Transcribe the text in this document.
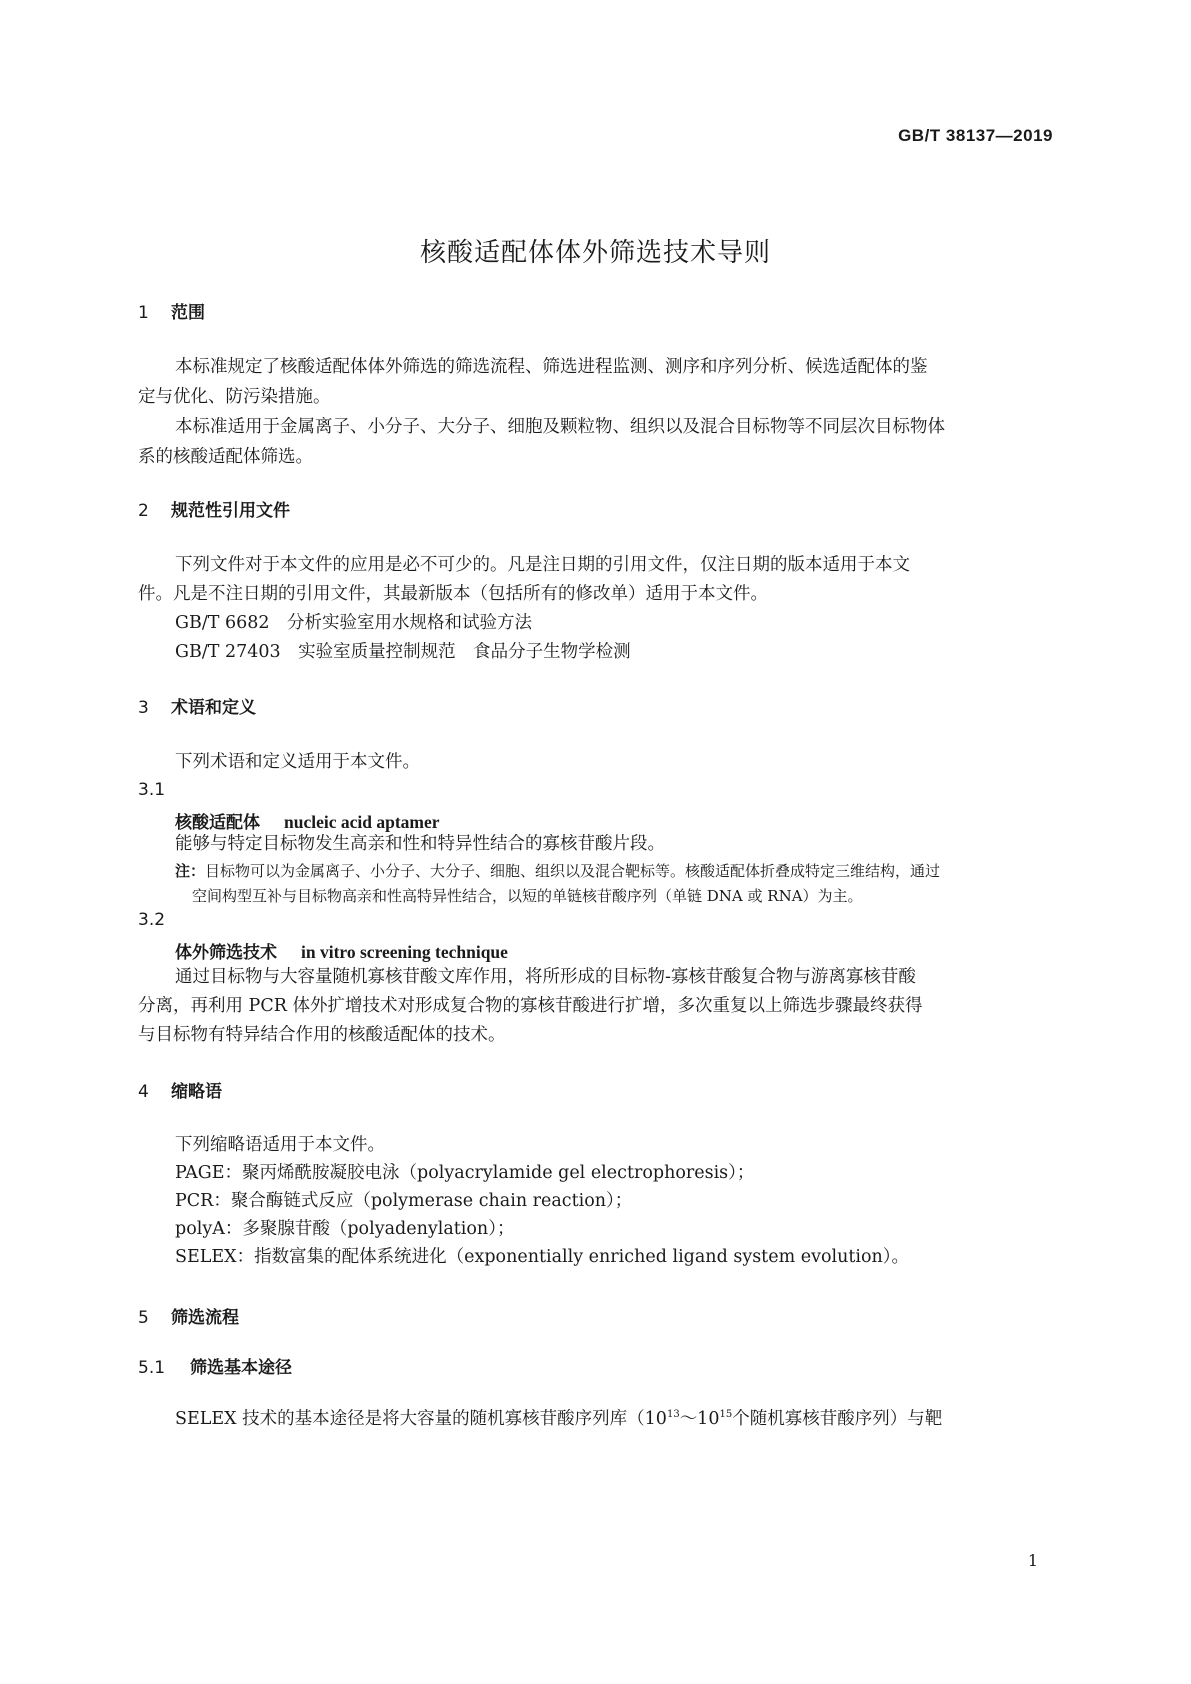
GB/T 38137—2019
核酸适配体体外筛选技术导则
1 范围
本标准规定了核酸适配体体外筛选的筛选流程、筛选进程监测、测序和序列分析、候选适配体的鉴
定与优化、防污染措施。
本标准适用于金属离子、小分子、大分子、细胞及颗粒物、组织以及混合目标物等不同层次目标物体
系的核酸适配体筛选。
2 规范性引用文件
下列文件对于本文件的应用是必不可少的。凡是注日期的引用文件，仅注日期的版本适用于本文
件。凡是不注日期的引用文件，其最新版本（包括所有的修改单）适用于本文件。
GB/T 6682　分析实验室用水规格和试验方法
GB/T 27403　实验室质量控制规范　食品分子生物学检测
3 术语和定义
下列术语和定义适用于本文件。
3.1
核酸适配体 nucleic acid aptamer
能够与特定目标物发生高亲和性和特异性结合的寡核苷酸片段。
注：目标物可以为金属离子、小分子、大分子、细胞、组织以及混合靶标等。核酸适配体折叠成特定三维结构，通过
空间构型互补与目标物高亲和性高特异性结合，以短的单链核苷酸序列（单链 DNA 或 RNA）为主。
3.2
体外筛选技术 in vitro screening technique
通过目标物与大容量随机寡核苷酸文库作用，将所形成的目标物-寡核苷酸复合物与游离寡核苷酸
分离，再利用 PCR 体外扩增技术对形成复合物的寡核苷酸进行扩增，多次重复以上筛选步骤最终获得
与目标物有特异结合作用的核酸适配体的技术。
4 缩略语
下列缩略语适用于本文件。
PAGE：聚丙烯酰胺凝胶电泳（polyacrylamide gel electrophoresis）；
PCR：聚合酶链式反应（polymerase chain reaction）；
polyA：多聚腺苷酸（polyadenylation）；
SELEX：指数富集的配体系统进化（exponentially enriched ligand system evolution）。
5 筛选流程
5.1 筛选基本途径
SELEX 技术的基本途径是将大容量的随机寡核苷酸序列库（$10^{13}\sim 10^{15}$个随机寡核苷酸序列）与靶
1
